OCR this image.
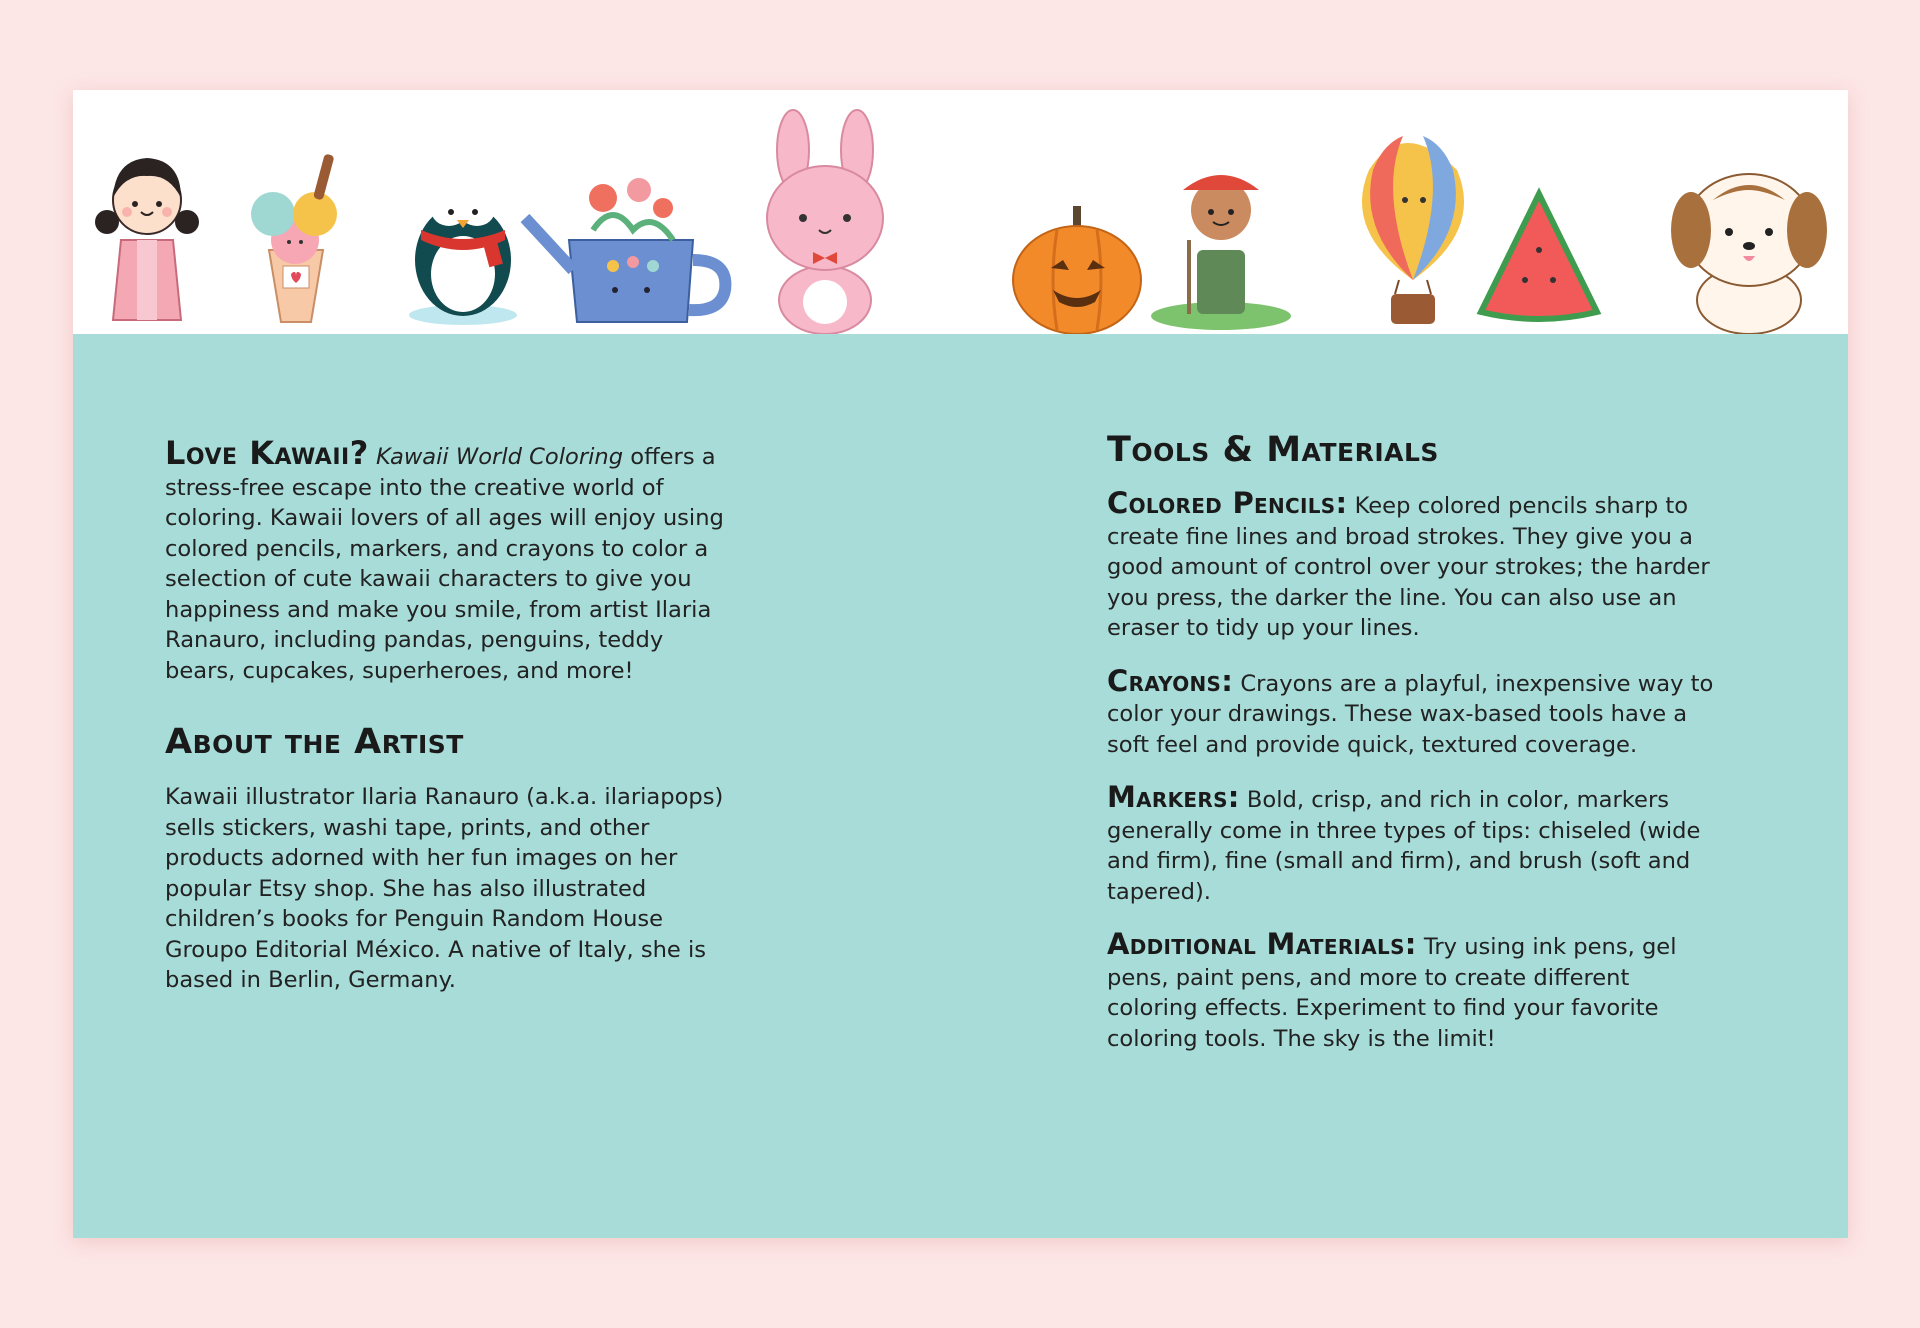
Love Kawaii? Kawaii World Coloring offers a stress-free escape into the creative world of coloring. Kawaii lovers of all ages will enjoy using colored pencils, markers, and crayons to color a selection of cute kawaii characters to give you happiness and make you smile, from artist Ilaria Ranauro, including pandas, penguins, teddy bears, cupcakes, superheroes, and more!

About the Artist

Kawaii illustrator Ilaria Ranauro (a.k.a. ilariapops) sells stickers, washi tape, prints, and other products adorned with her fun images on her popular Etsy shop. She has also illustrated children’s books for Penguin Random House Groupo Editorial México. A native of Italy, she is based in Berlin, Germany.

Tools & Materials

Colored Pencils: Keep colored pencils sharp to create fine lines and broad strokes. They give you a good amount of control over your strokes; the harder you press, the darker the line. You can also use an eraser to tidy up your lines.

Crayons: Crayons are a playful, inexpensive way to color your drawings. These wax-based tools have a soft feel and provide quick, textured coverage.

Markers: Bold, crisp, and rich in color, markers generally come in three types of tips: chiseled (wide and firm), fine (small and firm), and brush (soft and tapered).

Additional Materials: Try using ink pens, gel pens, paint pens, and more to create different coloring effects. Experiment to find your favorite coloring tools. The sky is the limit!
